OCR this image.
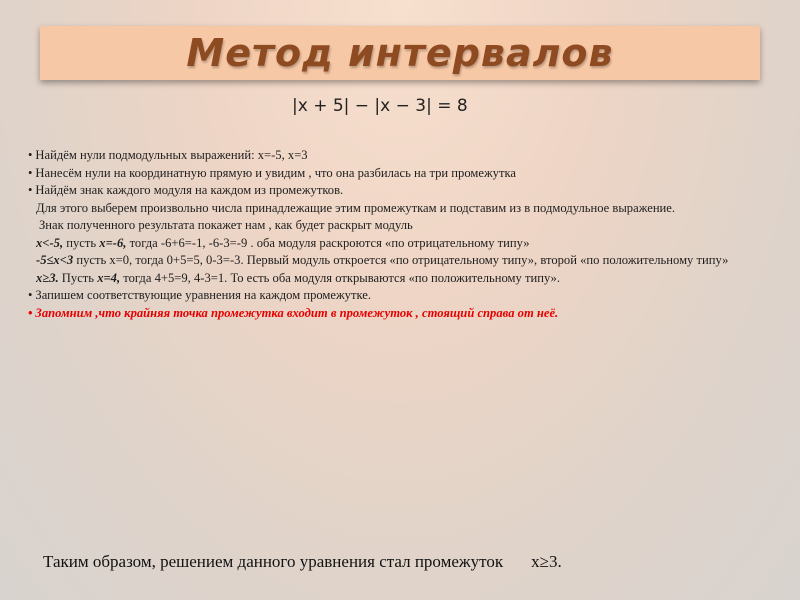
Метод интервалов
|x + 5| − |x − 3| = 8

• Найдём нули подмодульных выражений: x=-5, x=3

• Нанесём нули на координатную прямую и увидим , что она разбилась на три промежутка

• Найдём знак каждого модуля на каждом из промежутков.

Для этого выберем произвольно числа принадлежащие этим промежуткам и подставим из в подмодульное выражение.

Знак полученного результата покажет нам , как будет раскрыт модуль

x<-5, пусть x=-6, тогда -6+6=-1, -6-3=-9 . оба модуля раскроются «по отрицательному типу»

-5≤x<3 пусть x=0, тогда 0+5=5, 0-3=-3. Первый модуль откроется «по отрицательному типу», второй «по положительному типу»

x≥3. Пусть x=4, тогда 4+5=9, 4-3=1. То есть оба модуля открываются «по положительному типу».

• Запишем соответствующие уравнения на каждом промежутке.

• Запомним ,что крайняя точка промежутка входит в промежуток , стоящий справа от неё.

Таким образом, решением данного уравнения стал промежуток x≥3.
